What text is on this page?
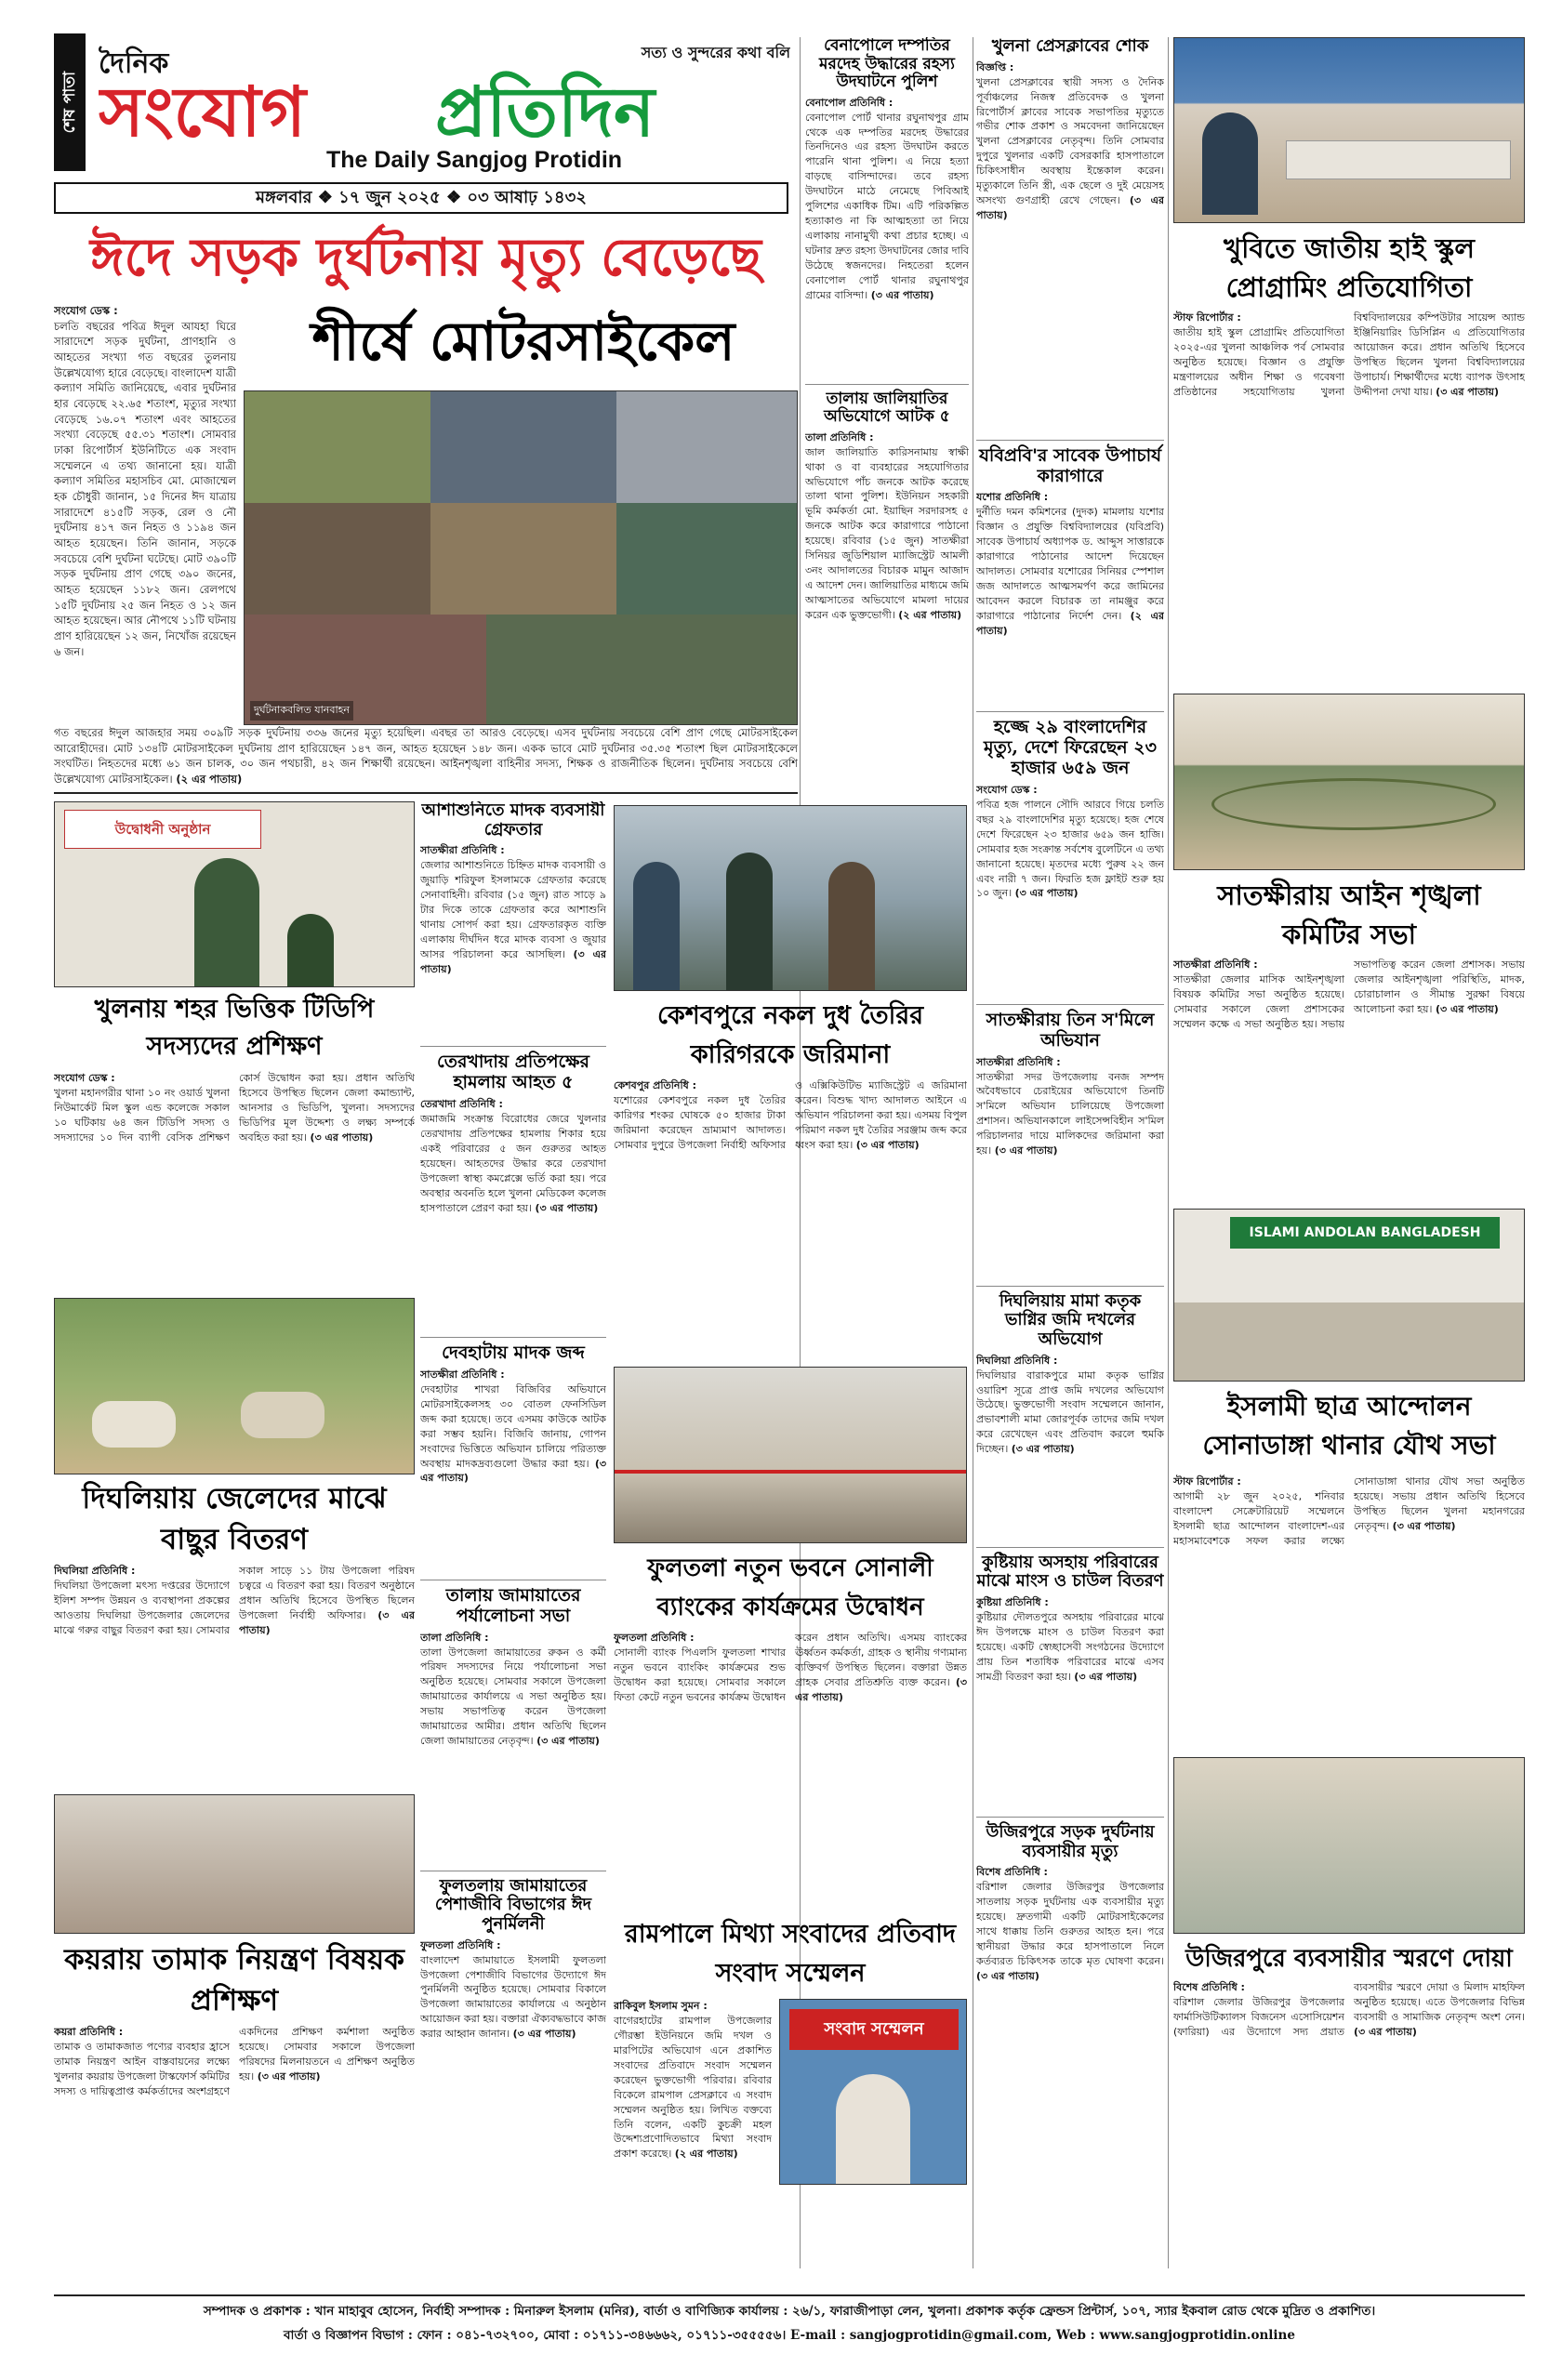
শেষ পাতা
দৈনিক	সত্য ও সুন্দরের কথা বলি
সংযোগ	প্রতিদিন
The Daily Sangjog Protidin
মঙ্গলবার ❖ ১৭ জুন ২০২৫ ❖ ০৩ আষাঢ় ১৪৩২
ঈদে সড়ক দুর্ঘটনায় মৃত্যু বেড়েছে
শীর্ষে মোটরসাইকেল
সংযোগ ডেস্ক :
চলতি বছরের পবিত্র ঈদুল আযহা ঘিরে সারাদেশে সড়ক দুর্ঘটনা, প্রাণহানি ও আহতের সংখ্যা গত বছরের তুলনায় উল্লেখযোগ্য হারে বেড়েছে। বাংলাদেশ যাত্রী কল্যাণ সমিতি জানিয়েছে, এবার দুর্ঘটনার হার বেড়েছে ২২.৬৫ শতাংশ, মৃত্যুর সংখ্যা বেড়েছে ১৬.০৭ শতাংশ এবং আহতের সংখ্যা বেড়েছে ৫৫.৩১ শতাংশ। সোমবার ঢাকা রিপোর্টার্স ইউনিটিতে এক সংবাদ সম্মেলনে এ তথ্য জানানো হয়। যাত্রী কল্যাণ সমিতির মহাসচিব মো. মোজাম্মেল হক চৌধুরী জানান, ১৫ দিনের ঈদ যাত্রায় সারাদেশে ৪১৫টি সড়ক, রেল ও নৌ দুর্ঘটনায় ৪১৭ জন নিহত ও ১১৯৪ জন আহত হয়েছেন। তিনি জানান, সড়কে সবচেয়ে বেশি দুর্ঘটনা ঘটেছে। মোট ৩৯০টি সড়ক দুর্ঘটনায় প্রাণ গেছে ৩৯০ জনের, আহত হয়েছেন ১১৮২ জন। রেলপথে ১৫টি দুর্ঘটনায় ২৫ জন নিহত ও ১২ জন আহত হয়েছেন। আর নৌপথে ১১টি ঘটনায় প্রাণ হারিয়েছেন ১২ জন, নিখোঁজ রয়েছেন ৬ জন।
দুর্ঘটনাকবলিত যানবাহন
গত বছরের ঈদুল আজহার সময় ৩০৯টি সড়ক দুর্ঘটনায় ৩৩৬ জনের মৃত্যু হয়েছিল। এবছর তা আরও বেড়েছে। এসব দুর্ঘটনায় সবচেয়ে বেশি প্রাণ গেছে মোটরসাইকেল আরোহীদের। মোট ১৩৪টি মোটরসাইকেল দুর্ঘটনায় প্রাণ হারিয়েছেন ১৪৭ জন, আহত হয়েছেন ১৪৮ জন। একক ভাবে মোট দুর্ঘটনার ৩৫.৩৫ শতাংশ ছিল মোটরসাইকেলে সংঘটিত। নিহতদের মধ্যে ৬১ জন চালক, ৩০ জন পথচারী, ৪২ জন শিক্ষার্থী রয়েছেন। আইনশৃঙ্খলা বাহিনীর সদস্য, শিক্ষক ও রাজনীতিক ছিলেন। দুর্ঘটনায় সবচেয়ে বেশি উল্লেখযোগ্য মোটরসাইকেল। (২ এর পাতায়)
বেনাপোলে দম্পতির মরদেহ উদ্ধারের রহস্য উদঘাটনে পুলিশ
বেনাপোল প্রতিনিধি :
বেনাপোল পোর্ট থানার রঘুনাথপুর গ্রাম থেকে এক দম্পতির মরদেহ উদ্ধারের তিনদিনেও এর রহস্য উদঘাটন করতে পারেনি থানা পুলিশ। এ নিয়ে হত্যা বাড়ছে বাসিন্দাদের। তবে রহস্য উদঘাটনে মাঠে নেমেছে পিবিআই পুলিশের একাধিক টিম। এটি পরিকল্পিত হত্যাকাণ্ড না কি আত্মহত্যা তা নিয়ে এলাকায় নানামুখী কথা প্রচার হচ্ছে। এ ঘটনার দ্রুত রহস্য উদঘাটনের জোর দাবি উঠেছে স্বজনদের। নিহতেরা হলেন বেনাপোল পোর্ট থানার রঘুনাথপুর গ্রামের বাসিন্দা। (৩ এর পাতায়)
তালায় জালিয়াতির অভিযোগে আটক ৫
তালা প্রতিনিধি :
জাল জালিয়াতি কারিসনামায় স্বাক্ষী থাকা ও বা ব্যবহারের সহযোগিতার অভিযোগে পাঁচ জনকে আটক করেছে তালা থানা পুলিশ। ইউনিয়ন সহকারী ভূমি কর্মকর্তা মো. ইয়াছিন সরদারসহ ৫ জনকে আটক করে কারাগারে পাঠানো হয়েছে। রবিবার (১৫ জুন) সাতক্ষীরা সিনিয়র জুডিশিয়াল ম্যাজিস্ট্রেট আমলী ৩নং আদালতের বিচারক মামুন আজাদ এ আদেশ দেন। জালিয়াতির মাধ্যমে জমি আত্মসাতের অভিযোগে মামলা দায়ের করেন এক ভুক্তভোগী। (২ এর পাতায়)
খুলনা প্রেসক্লাবের শোক
বিজ্ঞপ্তি :
খুলনা প্রেসক্লাবের স্থায়ী সদস্য ও দৈনিক পূর্বাঞ্চলের নিজস্ব প্রতিবেদক ও খুলনা রিপোর্টার্স ক্লাবের সাবেক সভাপতির মৃত্যুতে গভীর শোক প্রকাশ ও সমবেদনা জানিয়েছেন খুলনা প্রেসক্লাবের নেতৃবৃন্দ। তিনি সোমবার দুপুরে খুলনার একটি বেসরকারি হাসপাতালে চিকিৎসাধীন অবস্থায় ইন্তেকাল করেন। মৃত্যুকালে তিনি স্ত্রী, এক ছেলে ও দুই মেয়েসহ অসংখ্য গুণগ্রাহী রেখে গেছেন। (৩ এর পাতায়)
যবিপ্রবি'র সাবেক উপাচার্য কারাগারে
যশোর প্রতিনিধি :
দুর্নীতি দমন কমিশনের (দুদক) মামলায় যশোর বিজ্ঞান ও প্রযুক্তি বিশ্ববিদ্যালয়ের (যবিপ্রবি) সাবেক উপাচার্য অধ্যাপক ড. আব্দুস সাত্তারকে কারাগারে পাঠানোর আদেশ দিয়েছেন আদালত। সোমবার যশোরের সিনিয়র স্পেশাল জজ আদালতে আত্মসমর্পণ করে জামিনের আবেদন করলে বিচারক তা নামঞ্জুর করে কারাগারে পাঠানোর নির্দেশ দেন। (২ এর পাতায়)
হজ্জে ২৯ বাংলাদেশির মৃত্যু, দেশে ফিরেছেন ২৩ হাজার ৬৫৯ জন
সংযোগ ডেস্ক :
পবিত্র হজ পালনে সৌদি আরবে গিয়ে চলতি বছর ২৯ বাংলাদেশির মৃত্যু হয়েছে। হজ শেষে দেশে ফিরেছেন ২৩ হাজার ৬৫৯ জন হাজি। সোমবার হজ সংক্রান্ত সর্বশেষ বুলেটিনে এ তথ্য জানানো হয়েছে। মৃতদের মধ্যে পুরুষ ২২ জন এবং নারী ৭ জন। ফিরতি হজ ফ্লাইট শুরু হয় ১০ জুন। (৩ এর পাতায়)
সাতক্ষীরায় তিন স'মিলে অভিযান
সাতক্ষীরা প্রতিনিধি :
সাতক্ষীরা সদর উপজেলায় বনজ সম্পদ অবৈধভাবে চেরাইয়ের অভিযোগে তিনটি স'মিলে অভিযান চালিয়েছে উপজেলা প্রশাসন। অভিযানকালে লাইসেন্সবিহীন স'মিল পরিচালনার দায়ে মালিকদের জরিমানা করা হয়। (৩ এর পাতায়)
দিঘলিয়ায় মামা কতৃক ভাগ্নির জমি দখলের অভিযোগ
দিঘলিয়া প্রতিনিধি :
দিঘলিয়ার বারাকপুরে মামা কতৃক ভাগ্নির ওয়ারিশ সূত্রে প্রাপ্ত জমি দখলের অভিযোগ উঠেছে। ভুক্তভোগী সংবাদ সম্মেলনে জানান, প্রভাবশালী মামা জোরপূর্বক তাদের জমি দখল করে রেখেছেন এবং প্রতিবাদ করলে হুমকি দিচ্ছেন। (৩ এর পাতায়)
কুষ্টিয়ায় অসহায় পরিবারের মাঝে মাংস ও চাউল বিতরণ
কুষ্টিয়া প্রতিনিধি :
কুষ্টিয়ার দৌলতপুরে অসহায় পরিবারের মাঝে ঈদ উপলক্ষে মাংস ও চাউল বিতরণ করা হয়েছে। একটি স্বেচ্ছাসেবী সংগঠনের উদ্যোগে প্রায় তিন শতাধিক পরিবারের মাঝে এসব সামগ্রী বিতরণ করা হয়। (৩ এর পাতায়)
উজিরপুরে সড়ক দুর্ঘটনায় ব্যবসায়ীর মৃত্যু
বিশেষ প্রতিনিধি :
বরিশাল জেলার উজিরপুর উপজেলার সাতলায় সড়ক দুর্ঘটনায় এক ব্যবসায়ীর মৃত্যু হয়েছে। দ্রুতগামী একটি মোটরসাইকেলের সাথে ধাক্কায় তিনি গুরুতর আহত হন। পরে স্থানীয়রা উদ্ধার করে হাসপাতালে নিলে কর্তব্যরত চিকিৎসক তাকে মৃত ঘোষণা করেন। (৩ এর পাতায়)
খুবিতে জাতীয় হাই স্কুল প্রোগ্রামিং প্রতিযোগিতা
স্টাফ রিপোর্টার :
জাতীয় হাই স্কুল প্রোগ্রামিং প্রতিযোগিতা ২০২৫-এর খুলনা আঞ্চলিক পর্ব সোমবার অনুষ্ঠিত হয়েছে। বিজ্ঞান ও প্রযুক্তি মন্ত্রণালয়ের অধীন শিক্ষা ও গবেষণা প্রতিষ্ঠানের সহযোগিতায় খুলনা বিশ্ববিদ্যালয়ের কম্পিউটার সায়েন্স অ্যান্ড ইঞ্জিনিয়ারিং ডিসিপ্লিন এ প্রতিযোগিতার আয়োজন করে। প্রধান অতিথি হিসেবে উপস্থিত ছিলেন খুলনা বিশ্ববিদ্যালয়ের উপাচার্য। শিক্ষার্থীদের মধ্যে ব্যাপক উৎসাহ উদ্দীপনা দেখা যায়। (৩ এর পাতায়)
সাতক্ষীরায় আইন শৃঙ্খলা কমিটির সভা
সাতক্ষীরা প্রতিনিধি :
সাতক্ষীরা জেলার মাসিক আইনশৃঙ্খলা বিষয়ক কমিটির সভা অনুষ্ঠিত হয়েছে। সোমবার সকালে জেলা প্রশাসকের সম্মেলন কক্ষে এ সভা অনুষ্ঠিত হয়। সভায় সভাপতিত্ব করেন জেলা প্রশাসক। সভায় জেলার আইনশৃঙ্খলা পরিস্থিতি, মাদক, চোরাচালান ও সীমান্ত সুরক্ষা বিষয়ে আলোচনা করা হয়। (৩ এর পাতায়)
ISLAMI ANDOLAN BANGLADESH
ইসলামী ছাত্র আন্দোলন সোনাডাঙ্গা থানার যৌথ সভা
স্টাফ রিপোর্টার :
আগামী ২৮ জুন ২০২৫, শনিবার বাংলাদেশ সেক্রেটারিয়েট সম্মেলনে ইসলামী ছাত্র আন্দোলন বাংলাদেশ-এর মহাসমাবেশকে সফল করার লক্ষ্যে সোনাডাঙ্গা থানার যৌথ সভা অনুষ্ঠিত হয়েছে। সভায় প্রধান অতিথি হিসেবে উপস্থিত ছিলেন খুলনা মহানগরের নেতৃবৃন্দ। (৩ এর পাতায়)
উজিরপুরে ব্যবসায়ীর স্মরণে দোয়া
বিশেষ প্রতিনিধি :
বরিশাল জেলার উজিরপুর উপজেলার ফার্মাসিউটিক্যালস বিজনেস এসোসিয়েশন (ফারিয়া) এর উদ্যোগে সদ্য প্রয়াত ব্যবসায়ীর স্মরণে দোয়া ও মিলাদ মাহফিল অনুষ্ঠিত হয়েছে। এতে উপজেলার বিভিন্ন ব্যবসায়ী ও সামাজিক নেতৃবৃন্দ অংশ নেন। (৩ এর পাতায়)
উদ্বোধনী অনুষ্ঠান
খুলনায় শহর ভিত্তিক টিডিপি সদস্যদের প্রশিক্ষণ
সংযোগ ডেস্ক :
খুলনা মহানগরীর থানা ১০ নং ওয়ার্ড খুলনা নিউমার্কেট মিল স্কুল এন্ড কলেজে সকাল ১০ ঘটিকায় ৬৪ জন টিডিপি সদস্য ও সদস্যাদের ১০ দিন ব্যাপী বেসিক প্রশিক্ষণ কোর্স উদ্বোধন করা হয়। প্রধান অতিথি হিসেবে উপস্থিত ছিলেন জেলা কমান্ড্যান্ট, আনসার ও ভিডিপি, খুলনা। সদস্যদের ভিডিপির মূল উদ্দেশ্য ও লক্ষ্য সম্পর্কে অবহিত করা হয়। (৩ এর পাতায়)
দিঘলিয়ায় জেলেদের মাঝে বাছুর বিতরণ
দিঘলিয়া প্রতিনিধি :
দিঘলিয়া উপজেলা মৎস্য দপ্তরের উদ্যোগে ইলিশ সম্পদ উন্নয়ন ও ব্যবস্থাপনা প্রকল্পের আওতায় দিঘলিয়া উপজেলার জেলেদের মাঝে গরুর বাছুর বিতরণ করা হয়। সোমবার সকাল সাড়ে ১১ টায় উপজেলা পরিষদ চত্বরে এ বিতরণ করা হয়। বিতরণ অনুষ্ঠানে প্রধান অতিথি হিসেবে উপস্থিত ছিলেন উপজেলা নির্বাহী অফিসার। (৩ এর পাতায়)
কয়রায় তামাক নিয়ন্ত্রণ বিষয়ক প্রশিক্ষণ
কয়রা প্রতিনিধি :
তামাক ও তামাকজাত পণ্যের ব্যবহার হ্রাসে তামাক নিয়ন্ত্রণ আইন বাস্তবায়নের লক্ষ্যে খুলনার কয়রায় উপজেলা টাস্কফোর্স কমিটির সদস্য ও দায়িত্বপ্রাপ্ত কর্মকর্তাদের অংশগ্রহণে একদিনের প্রশিক্ষণ কর্মশালা অনুষ্ঠিত হয়েছে। সোমবার সকালে উপজেলা পরিষদের মিলনায়তনে এ প্রশিক্ষণ অনুষ্ঠিত হয়। (৩ এর পাতায়)
আশাশুনিতে মাদক ব্যবসায়ী গ্রেফতার
সাতক্ষীরা প্রতিনিধি :
জেলার আশাশুনিতে চিহ্নিত মাদক ব্যবসায়ী ও জুয়াড়ি শরিফুল ইসলামকে গ্রেফতার করেছে সেনাবাহিনী। রবিবার (১৫ জুন) রাত সাড়ে ৯ টার দিকে তাকে গ্রেফতার করে আশাশুনি থানায় সোপর্দ করা হয়। গ্রেফতারকৃত ব্যক্তি এলাকায় দীর্ঘদিন ধরে মাদক ব্যবসা ও জুয়ার আসর পরিচালনা করে আসছিল। (৩ এর পাতায়)
তেরখাদায় প্রতিপক্ষের হামলায় আহত ৫
তেরখাদা প্রতিনিধি :
জমাজমি সংক্রান্ত বিরোধের জেরে খুলনার তেরখাদায় প্রতিপক্ষের হামলায় শিকার হয়ে একই পরিবারের ৫ জন গুরুতর আহত হয়েছেন। আহতদের উদ্ধার করে তেরখাদা উপজেলা স্বাস্থ্য কমপ্লেক্সে ভর্তি করা হয়। পরে অবস্থার অবনতি হলে খুলনা মেডিকেল কলেজ হাসপাতালে প্রেরণ করা হয়। (৩ এর পাতায়)
দেবহাটায় মাদক জব্দ
সাতক্ষীরা প্রতিনিধি :
দেবহাটার শাখরা বিজিবির অভিযানে মোটরসাইকেলসহ ৩০ বোতল ফেনসিডিল জব্দ করা হয়েছে। তবে এসময় কাউকে আটক করা সম্ভব হয়নি। বিজিবি জানায়, গোপন সংবাদের ভিত্তিতে অভিযান চালিয়ে পরিত্যক্ত অবস্থায় মাদকদ্রব্যগুলো উদ্ধার করা হয়। (৩ এর পাতায়)
তালায় জামায়াতের পর্যালোচনা সভা
তালা প্রতিনিধি :
তালা উপজেলা জামায়াতের রুকন ও কর্মী পরিষদ সদস্যদের নিয়ে পর্যালোচনা সভা অনুষ্ঠিত হয়েছে। সোমবার সকালে উপজেলা জামায়াতের কার্যালয়ে এ সভা অনুষ্ঠিত হয়। সভায় সভাপতিত্ব করেন উপজেলা জামায়াতের আমীর। প্রধান অতিথি ছিলেন জেলা জামায়াতের নেতৃবৃন্দ। (৩ এর পাতায়)
ফুলতলায় জামায়াতের পেশাজীবি বিভাগের ঈদ পুনর্মিলনী
ফুলতলা প্রতিনিধি :
বাংলাদেশ জামায়াতে ইসলামী ফুলতলা উপজেলা পেশাজীবি বিভাগের উদ্যোগে ঈদ পুনর্মিলনী অনুষ্ঠিত হয়েছে। সোমবার বিকালে উপজেলা জামায়াতের কার্যালয়ে এ অনুষ্ঠান আয়োজন করা হয়। বক্তারা ঐক্যবদ্ধভাবে কাজ করার আহ্বান জানান। (৩ এর পাতায়)
কেশবপুরে নকল দুধ তৈরির কারিগরকে জরিমানা
কেশবপুর প্রতিনিধি :
যশোরের কেশবপুরে নকল দুধ তৈরির কারিগর শংকর ঘোষকে ৫০ হাজার টাকা জরিমানা করেছেন ভ্রাম্যমাণ আদালত। সোমবার দুপুরে উপজেলা নির্বাহী অফিসার ও এক্সিকিউটিভ ম্যাজিস্ট্রেট এ জরিমানা করেন। বিশুদ্ধ খাদ্য আদালত আইনে এ অভিযান পরিচালনা করা হয়। এসময় বিপুল পরিমাণ নকল দুধ তৈরির সরঞ্জাম জব্দ করে ধ্বংস করা হয়। (৩ এর পাতায়)
ফুলতলা নতুন ভবনে সোনালী ব্যাংকের কার্যক্রমের উদ্বোধন
ফুলতলা প্রতিনিধি :
সোনালী ব্যাংক পিএলসি ফুলতলা শাখার নতুন ভবনে ব্যাংকিং কার্যক্রমের শুভ উদ্বোধন করা হয়েছে। সোমবার সকালে ফিতা কেটে নতুন ভবনের কার্যক্রম উদ্বোধন করেন প্রধান অতিথি। এসময় ব্যাংকের ঊর্ধ্বতন কর্মকর্তা, গ্রাহক ও স্থানীয় গণ্যমান্য ব্যক্তিবর্গ উপস্থিত ছিলেন। বক্তারা উন্নত গ্রাহক সেবার প্রতিশ্রুতি ব্যক্ত করেন। (৩ এর পাতায়)
রামপালে মিথ্যা সংবাদের প্রতিবাদ সংবাদ সম্মেলন
রাকিবুল ইসলাম সুমন :
বাগেরহাটের রামপাল উপজেলার গৌরম্ভা ইউনিয়নে জমি দখল ও মারপিটের অভিযোগ এনে প্রকাশিত সংবাদের প্রতিবাদে সংবাদ সম্মেলন করেছেন ভুক্তভোগী পরিবার। রবিবার বিকেলে রামপাল প্রেসক্লাবে এ সংবাদ সম্মেলন অনুষ্ঠিত হয়। লিখিত বক্তব্যে তিনি বলেন, একটি কুচক্রী মহল উদ্দেশ্যপ্রণোদিতভাবে মিথ্যা সংবাদ প্রকাশ করেছে। (২ এর পাতায়)
সংবাদ সম্মেলন
সম্পাদক ও প্রকাশক : খান মাহাবুব হোসেন, নির্বাহী সম্পাদক : মিনারুল ইসলাম (মনির), বার্তা ও বাণিজ্যিক কার্যালয় : ২৬/১, ফারাজীপাড়া লেন, খুলনা। প্রকাশক কর্তৃক ফ্রেন্ডস প্রিন্টার্স, ১০৭, স্যার ইকবাল রোড থেকে মুদ্রিত ও প্রকাশিত।
বার্তা ও বিজ্ঞাপন বিভাগ : ফোন : ০৪১-৭৩২৭০০, মোবা : ০১৭১১-৩৪৬৬৬২, ০১৭১১-৩৫৫৫৫৬। E-mail : sangjogprotidin@gmail.com, Web : www.sangjogprotidin.online
